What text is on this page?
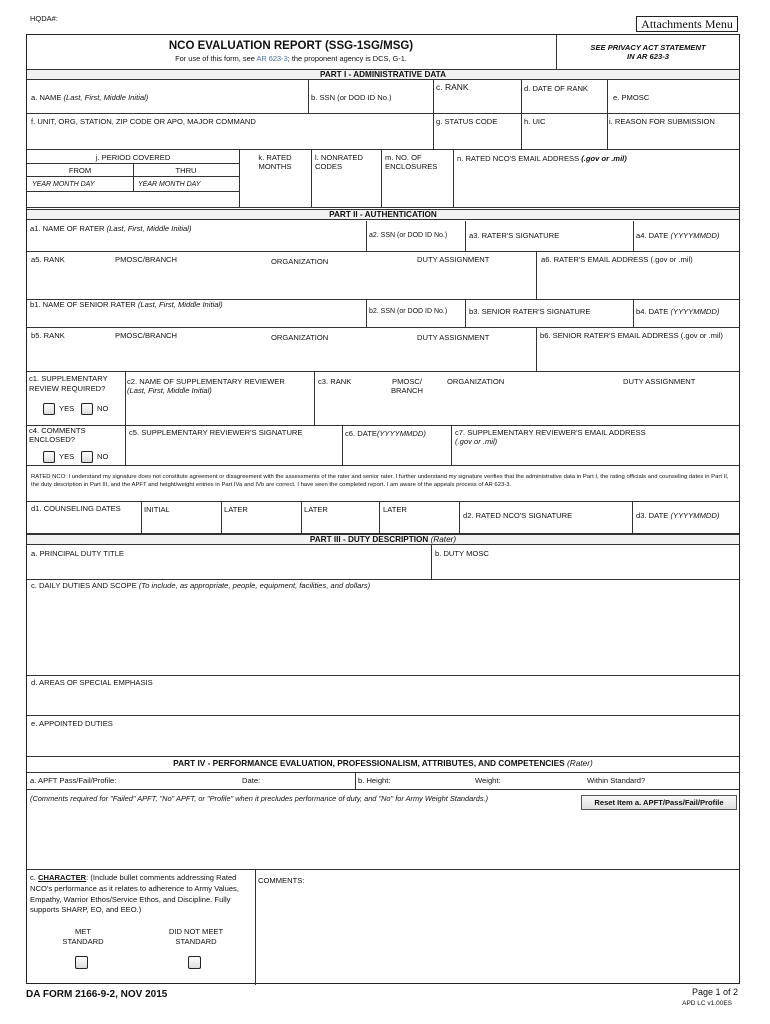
HQDA#:	Attachments Menu
NCO EVALUATION REPORT (SSG-1SG/MSG)
For use of this form, see AR 623-3; the proponent agency is DCS, G-1.
SEE PRIVACY ACT STATEMENT
IN AR 623-3
PART I - ADMINISTRATIVE DATA
a. NAME (Last, First, Middle Initial)	b. SSN (or DOD ID No.)
c. RANK	d. DATE OF RANK
e. PMOSC
f. UNIT, ORG, STATION, ZIP CODE OR APO, MAJOR COMMAND	g. STATUS CODE	h. UIC	i. REASON FOR SUBMISSION
j. PERIOD COVERED
FROM	THRU
YEAR MONTH DAY	YEAR MONTH DAY
k. RATED
MONTHS
l. NONRATED
CODES
m. NO. OF
ENCLOSURES
n. RATED NCO'S EMAIL ADDRESS (.gov or .mil)
PART II - AUTHENTICATION
a1. NAME OF RATER (Last, First, Middle Initial)
a2. SSN (or DOD ID No.)	a3. RATER'S SIGNATURE	a4. DATE (YYYYMMDD)
a5. RANK	PMOSC/BRANCH	ORGANIZATION	DUTY ASSIGNMENT	a6. RATER'S EMAIL ADDRESS (.gov or .mil)
b1. NAME OF SENIOR RATER (Last, First, Middle Initial)
b2. SSN (or DOD ID No.)	b3. SENIOR RATER'S SIGNATURE	b4. DATE (YYYYMMDD)
b5. RANK	PMOSC/BRANCH	ORGANIZATION	DUTY ASSIGNMENT	b6. SENIOR RATER'S EMAIL ADDRESS (.gov or .mil)
c1. SUPPLEMENTARY REVIEW REQUIRED?
YES	NO
c2. NAME OF SUPPLEMENTARY REVIEWER
(Last, First, Middle Initial)
c3. RANK	PMOSC/
BRANCH
ORGANIZATION	DUTY ASSIGNMENT
c4. COMMENTS
ENCLOSED?
YES	NO
c5. SUPPLEMENTARY REVIEWER'S SIGNATURE	c6. DATE(YYYYMMDD)	c7. SUPPLEMENTARY REVIEWER'S EMAIL ADDRESS
(.gov or .mil)
RATED NCO: I understand my signature does not constitute agreement or disagreement with the assessments of the rater and senior rater. I further understand my signature verifies that the administrative data in Part I, the rating officials and counseling dates in Part II, the duty description in Part III, and the APFT and height/weight entries in Part IVa and IVb are correct. I have seen the completed report. I am aware of the appeals process of AR 623-3.
d1. COUNSELING DATES	INITIAL	LATER	LATER	LATER
d2. RATED NCO'S SIGNATURE	d3. DATE (YYYYMMDD)
PART III - DUTY DESCRIPTION (Rater)
a. PRINCIPAL DUTY TITLE	b. DUTY MOSC
c. DAILY DUTIES AND SCOPE (To include, as appropriate, people, equipment, facilities, and dollars)
d. AREAS OF SPECIAL EMPHASIS
e. APPOINTED DUTIES
PART IV - PERFORMANCE EVALUATION, PROFESSIONALISM, ATTRIBUTES, AND COMPETENCIES (Rater)
a. APFT Pass/Fail/Profile:	Date:	b. Height:	Weight:	Within Standard?
(Comments required for "Failed" APFT, "No" APFT, or "Profile" when it precludes performance of duty, and "No" for Army Weight Standards.)	Reset Item a. APFT/Pass/Fail/Profile
c. CHARACTER: (Include bullet comments addressing Rated NCO's performance as it relates to adherence to Army Values, Empathy, Warrior Ethos/Service Ethos, and Discipline. Fully supports SHARP, EO, and EEO.)
COMMENTS:
MET
STANDARD
DID NOT MEET
STANDARD
DA FORM 2166-9-2, NOV 2015	Page 1 of 2
APD LC v1.00ES
